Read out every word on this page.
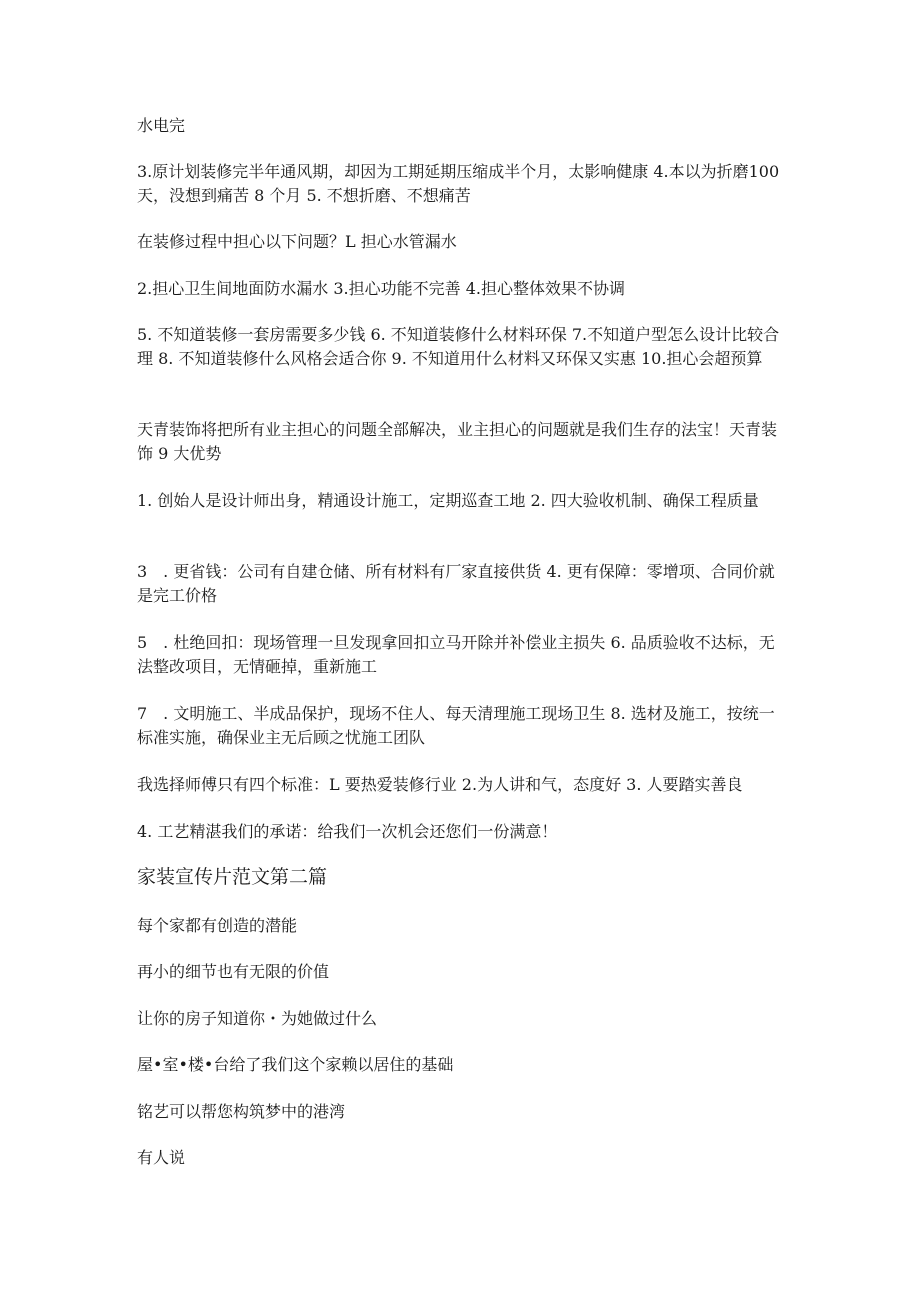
水电完

3.原计划装修完半年通风期，却因为工期延期压缩成半个月，太影响健康 4.本以为折磨100 天，没想到痛苦 8 个月 5. 不想折磨、不想痛苦

在装修过程中担心以下问题？L 担心水管漏水

2.担心卫生间地面防水漏水 3.担心功能不完善 4.担心整体效果不协调

5. 不知道装修一套房需要多少钱 6. 不知道装修什么材料环保 7.不知道户型怎么设计比较合理 8. 不知道装修什么风格会适合你 9. 不知道用什么材料又环保又实惠 10.担心会超预算

天青装饰将把所有业主担心的问题全部解决，业主担心的问题就是我们生存的法宝！天青装饰 9 大优势

1. 创始人是设计师出身，精通设计施工，定期巡查工地 2. 四大验收机制、确保工程质量

3　. 更省钱：公司有自建仓储、所有材料有厂家直接供货 4. 更有保障：零增项、合同价就是完工价格

5　. 杜绝回扣：现场管理一旦发现拿回扣立马开除并补偿业主损失 6. 品质验收不达标，无法整改项目，无情砸掉，重新施工

7　. 文明施工、半成品保护，现场不住人、每天清理施工现场卫生 8. 选材及施工，按统一标准实施，确保业主无后顾之忧施工团队

我选择师傅只有四个标准：L 要热爱装修行业 2.为人讲和气，态度好 3. 人要踏实善良

4. 工艺精湛我们的承诺：给我们一次机会还您们一份满意！

家装宣传片范文第二篇

每个家都有创造的潜能

再小的细节也有无限的价值

让你的房子知道你・为她做过什么

屋•室•楼•台给了我们这个家赖以居住的基础

铭艺可以帮您构筑梦中的港湾

有人说
